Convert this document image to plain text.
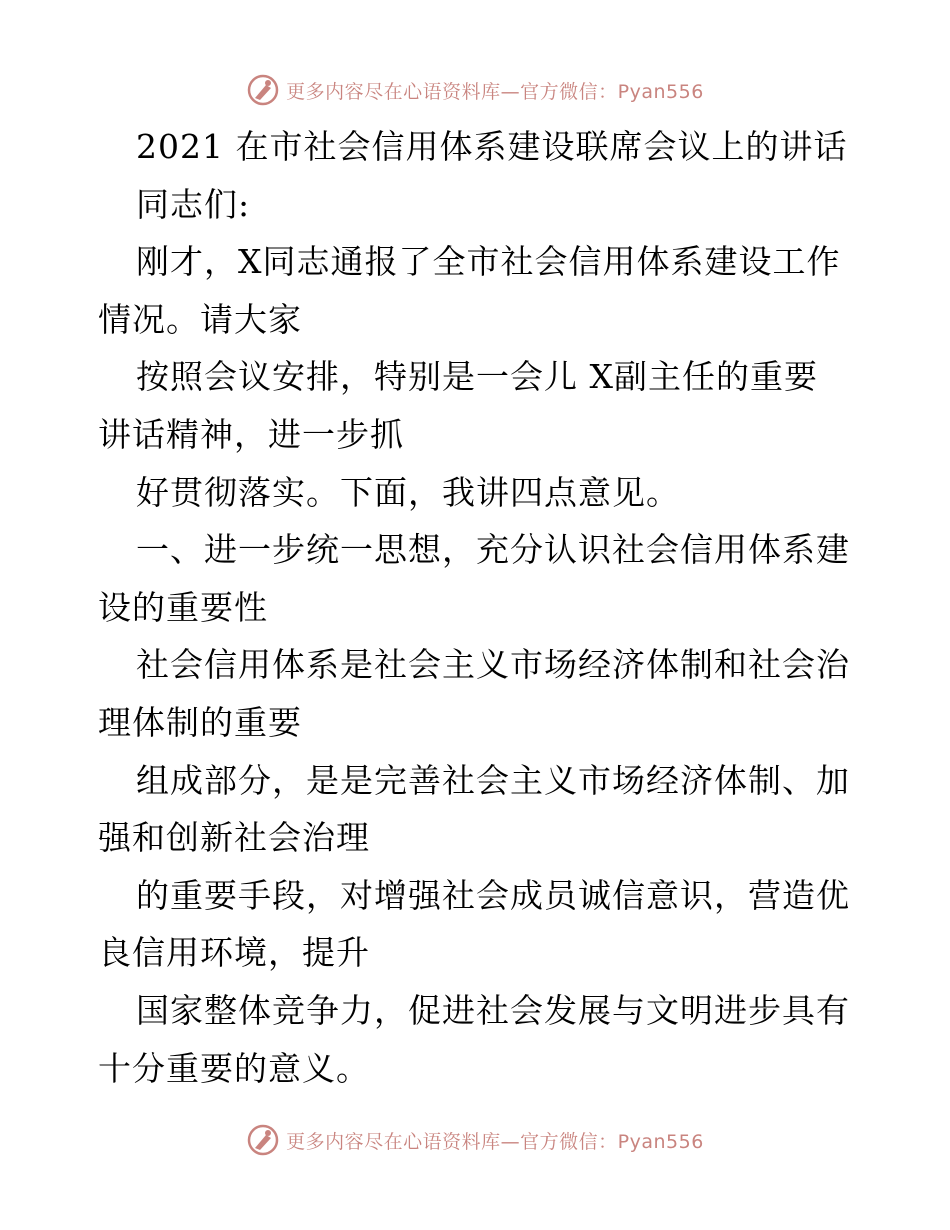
更多内容尽在心语资料库—官方微信：Pyan556
2021 在市社会信用体系建设联席会议上的讲话
同志们:
刚才，X同志通报了全市社会信用体系建设工作
情况。请大家
按照会议安排，特别是一会儿 X副主任的重要
讲话精神，进一步抓
好贯彻落实。下面，我讲四点意见。
一、进一步统一思想，充分认识社会信用体系建
设的重要性
社会信用体系是社会主义市场经济体制和社会治
理体制的重要
组成部分，是是完善社会主义市场经济体制、加
强和创新社会治理
的重要手段，对增强社会成员诚信意识，营造优
良信用环境，提升
国家整体竞争力，促进社会发展与文明进步具有
十分重要的意义。
更多内容尽在心语资料库—官方微信：Pyan556
